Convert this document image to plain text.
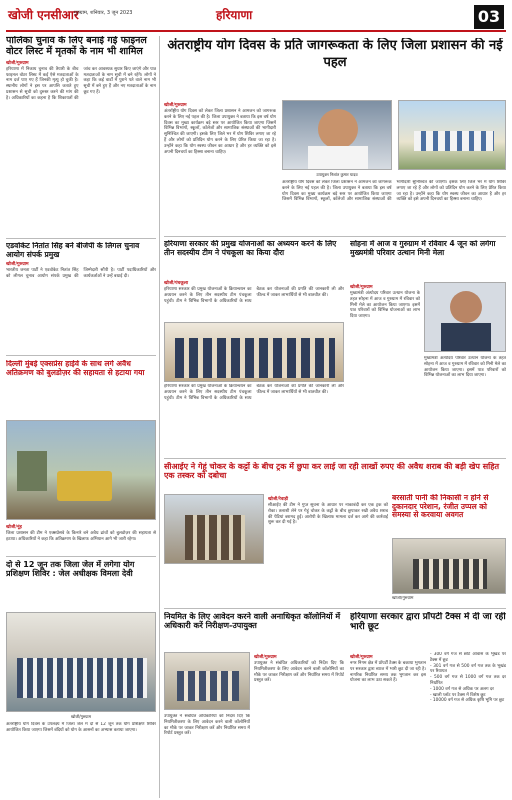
खोजी एनसीआर
गुरुग्राम, शनिवार, 3 जून 2023	हरियाणा	03
पालिका चुनाव के लिए बनाई गई फाइनल वोटर लिस्ट में मृतकों के नाम भी शामिल
खोजी/गुरुग्राम
हरियाणा में निकाय चुनाव की तैयारी के बीच फाइनल वोटर लिस्ट में कई ऐसे मतदाताओं के नाम दर्ज पाए गए हैं जिनकी मृत्यु हो चुकी है। स्थानीय लोगों ने इस पर आपत्ति जताते हुए प्रशासन से सूची को दुरुस्त करने की मांग की है। अधिकारियों का कहना है कि शिकायतों की जांच कर आवश्यक सुधार किए जाएंगे और पात्र मतदाताओं के नाम सूची में बने रहेंगे। लोगों ने कहा कि कई वार्डों में पुराने पते वाले नाम भी सूची में बने हुए हैं और नए मतदाताओं के नाम छूट गए हैं।
एडवोकेट नितांत सिंह बने बीजेपी के लिगल चुनाव आयोग संपर्क प्रमुख
खोजी/गुरुग्राम
भारतीय जनता पार्टी ने एडवोकेट नितांत सिंह को लीगल चुनाव आयोग संपर्क प्रमुख की जिम्मेदारी सौंपी है। पार्टी पदाधिकारियों और कार्यकर्ताओं ने उन्हें बधाई दी।
दिल्ली मुंबई एक्सप्रेस हाईवे के साथ लगे अवैध अतिक्रमण को बुलडोज़र की सहायता से हटाया गया
खोजी/नूंह
जिला प्रशासन की टीम ने एक्सप्रेसवे के किनारे बने अवैध ढांचों को बुलडोज़र की सहायता से हटाया। अधिकारियों ने कहा कि अतिक्रमण के खिलाफ अभियान आगे भी जारी रहेगा।
दो से 12 जून तक जिला जेल में लगेगा योग प्रशिक्षण शिविर : जेल अधीक्षक विमला देवी
खोजी/गुरुग्राम
अंतर्राष्ट्रीय योग दिवस के उपलक्ष्य में जिला जेल में दो से 12 जून तक योग प्रशिक्षण शिविर आयोजित किया जाएगा जिसमें बंदियों को योग के आसनों का अभ्यास कराया जाएगा।
अंतराष्ट्रीय योग दिवस के प्रति जागरूकता के लिए जिला प्रशासन की नई पहल
उपायुक्त निशांत कुमार यादव
खोजी/गुरुग्राम
अंतर्राष्ट्रीय योग दिवस को लेकर जिला प्रशासन ने आमजन को जागरूक करने के लिए नई पहल की है। जिला उपायुक्त ने बताया कि इस वर्ष योग दिवस का मुख्य कार्यक्रम बड़े स्तर पर आयोजित किया जाएगा जिसमें विभिन्न विभागों, स्कूलों, कॉलेजों और सामाजिक संस्थाओं की भागीदारी सुनिश्चित की जाएगी। इसके लिए जिले भर में योग शिविर लगाए जा रहे हैं और लोगों को प्रतिदिन योग करने के लिए प्रेरित किया जा रहा है। उन्होंने कहा कि योग स्वस्थ जीवन का आधार है और हर व्यक्ति को इसे अपनी दिनचर्या का हिस्सा बनाना चाहिए।
अंतर्राष्ट्रीय योग दिवस को लेकर जिला प्रशासन ने आमजन को जागरूक करने के लिए नई पहल की है। जिला उपायुक्त ने बताया कि इस वर्ष योग दिवस का मुख्य कार्यक्रम बड़े स्तर पर आयोजित किया जाएगा जिसमें विभिन्न विभागों, स्कूलों, कॉलेजों और सामाजिक संस्थाओं की भागीदारी सुनिश्चित की जाएगी। इसके लिए जिले भर में योग शिविर लगाए जा रहे हैं और लोगों को प्रतिदिन योग करने के लिए प्रेरित किया जा रहा है। उन्होंने कहा कि योग स्वस्थ जीवन का आधार है और हर व्यक्ति को इसे अपनी दिनचर्या का हिस्सा बनाना चाहिए।
हरियाणा सरकार की प्रमुख योजनाओं का अध्ययन करने के लिए तीन सदस्यीय टीम ने पंचकूला का किया दौरा
खोजी/पंचकूला
हरियाणा सरकार की प्रमुख योजनाओं के क्रियान्वयन का अध्ययन करने के लिए तीन सदस्यीय टीम पंचकूला पहुंची। टीम ने विभिन्न विभागों के अधिकारियों के साथ बैठक कर योजनाओं की प्रगति की जानकारी ली और फील्ड में जाकर लाभार्थियों से भी बातचीत की।
हरियाणा सरकार की प्रमुख योजनाओं के क्रियान्वयन का अध्ययन करने के लिए तीन सदस्यीय टीम पंचकूला पहुंची। टीम ने विभिन्न विभागों के अधिकारियों के साथ बैठक कर योजनाओं की प्रगति की जानकारी ली और फील्ड में जाकर लाभार्थियों से भी बातचीत की।
सोहना में आज व गुरुग्राम में रविवार 4 जून को लगेगा मुख्यमंत्री परिवार उत्थान मिनी मेला
खोजी/गुरुग्राम
मुख्यमंत्री अंत्योदय परिवार उत्थान योजना के तहत सोहना में आज व गुरुग्राम में रविवार को मिनी मेले का आयोजन किया जाएगा। इसमें पात्र परिवारों को विभिन्न योजनाओं का लाभ दिया जाएगा।
मुख्यमंत्री अंत्योदय परिवार उत्थान योजना के तहत सोहना में आज व गुरुग्राम में रविवार को मिनी मेले का आयोजन किया जाएगा। इसमें पात्र परिवारों को विभिन्न योजनाओं का लाभ दिया जाएगा।
सीआईए ने गेहूं चोकर के कट्टों के बीच ट्रक में छुपा कर लाई जा रही लाखों रुपए की अवैध शराब की बड़ी खेप सहित एक तस्कर को दबोचा
खोजी/रेवाड़ी
सीआईए की टीम ने गुप्त सूचना के आधार पर नाकाबंदी कर एक ट्रक को रोका। तलाशी लेने पर गेहूं चोकर के कट्टों के बीच छुपाकर रखी अवैध शराब की पेटियां बरामद हुईं। आरोपी के खिलाफ मामला दर्ज कर आगे की कार्रवाई शुरू कर दी गई है।
बरसाती पानी की निकासी न होने से दुकानदार परेशान, रंजीत उप्पल को समस्या से करवाया अवगत
खोजी/गुरुग्राम
नियमित के लिए आवेदन करने वाली अनाधिकृत कॉलोनियों में अधिकारी करें निरीक्षण-उपायुक्त
खोजी/गुरुग्राम
उपायुक्त ने संबंधित अधिकारियों को निर्देश दिए कि नियमितीकरण के लिए आवेदन करने वाली कॉलोनियों का मौके पर जाकर निरीक्षण करें और निर्धारित समय में रिपोर्ट प्रस्तुत करें।
उपायुक्त ने संबंधित अधिकारियों को निर्देश दिए कि नियमितीकरण के लिए आवेदन करने वाली कॉलोनियों का मौके पर जाकर निरीक्षण करें और निर्धारित समय में रिपोर्ट प्रस्तुत करें।
हरियाणा सरकार द्वारा प्रॉपर्टी टैक्स में दी जा रही भारी छूट
खोजी/गुरुग्राम
नगर निगम क्षेत्र में प्रॉपर्टी टैक्स के बकाया भुगतान पर सरकार द्वारा ब्याज में भारी छूट दी जा रही है। नागरिक निर्धारित समय तक भुगतान कर इस योजना का लाभ उठा सकते हैं।
- 300 वर्ग गज से छोटे आवास के भूखंड पर टैक्स में छूट
- 301 वर्ग गज से 500 वर्ग गज तक के भूखंड पर रियायत
- 500 वर्ग गज से 1000 वर्ग गज तक दर निर्धारित
- 1000 वर्ग गज से अधिक पर अलग दर
- खाली प्लॉट पर टैक्स में विशेष छूट
- 10000 वर्ग गज से अधिक कृषि भूमि पर छूट
